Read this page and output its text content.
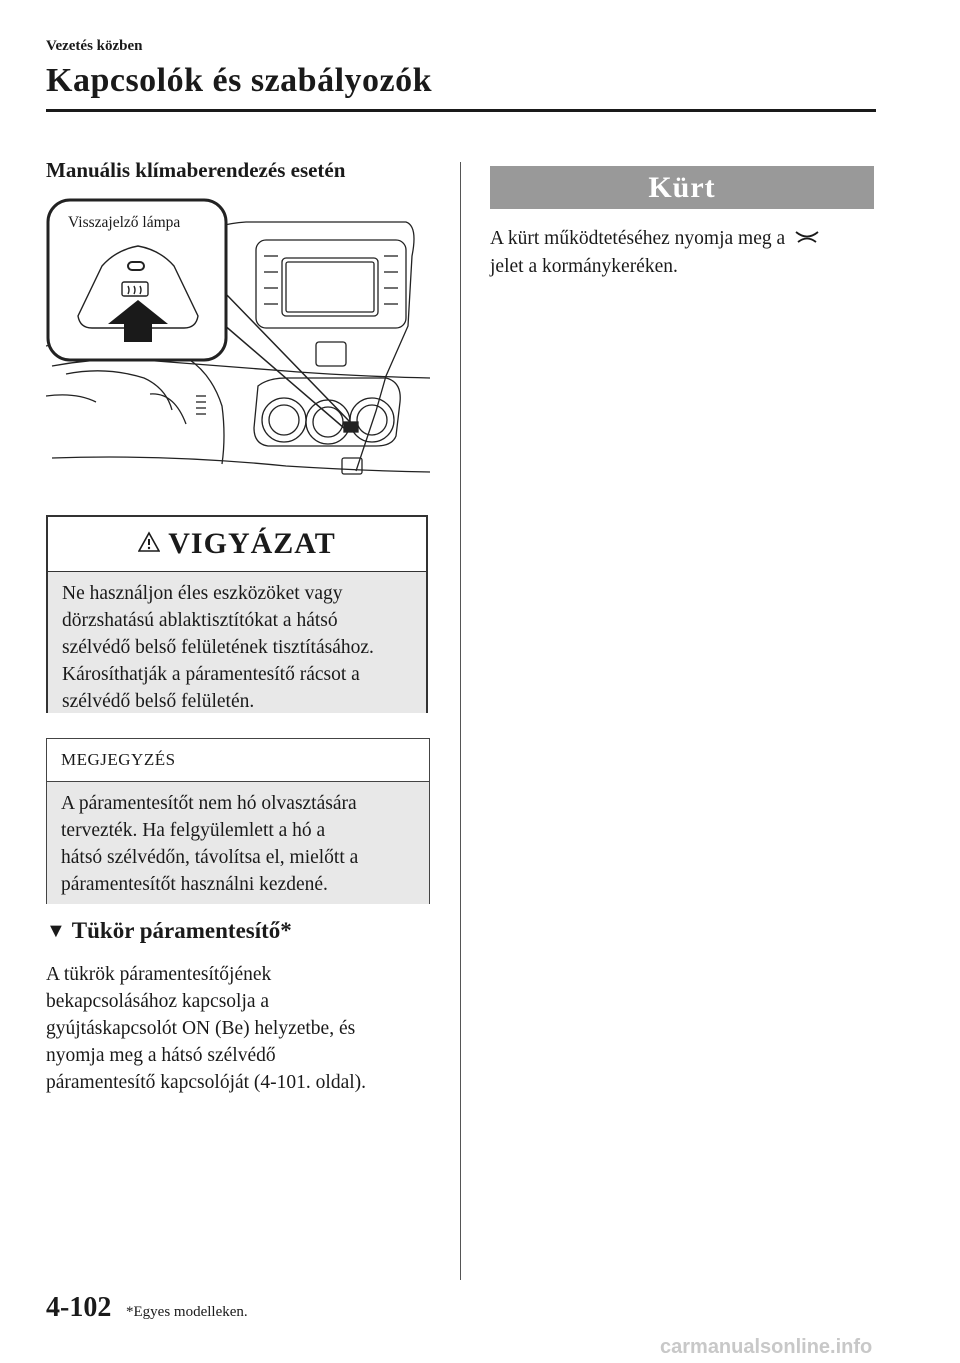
Vezetés közben
Kapcsolók és szabályozók
Manuális klímaberendezés esetén
Visszajelző lámpa
VIGYÁZAT
Ne használjon éles eszközöket vagy
dörzshatású ablaktisztítókat a hátsó
szélvédő belső felületének tisztításához.
Károsíthatják a páramentesítő rácsot a
szélvédő belső felületén.
MEGJEGYZÉS
A páramentesítőt nem hó olvasztására
tervezték. Ha felgyülemlett a hó a
hátsó szélvédőn, távolítsa el, mielőtt a
páramentesítőt használni kezdené.
▼ Tükör páramentesítő*
A tükrök páramentesítőjének
bekapcsolásához kapcsolja a
gyújtáskapcsolót ON (Be) helyzetbe, és
nyomja meg a hátsó szélvédő
páramentesítő kapcsolóját (4-101. oldal).
Kürt
A kürt működtetéséhez nyomja meg a
jelet a kormánykeréken.
4-102 *Egyes modelleken.
carmanualsonline.info
